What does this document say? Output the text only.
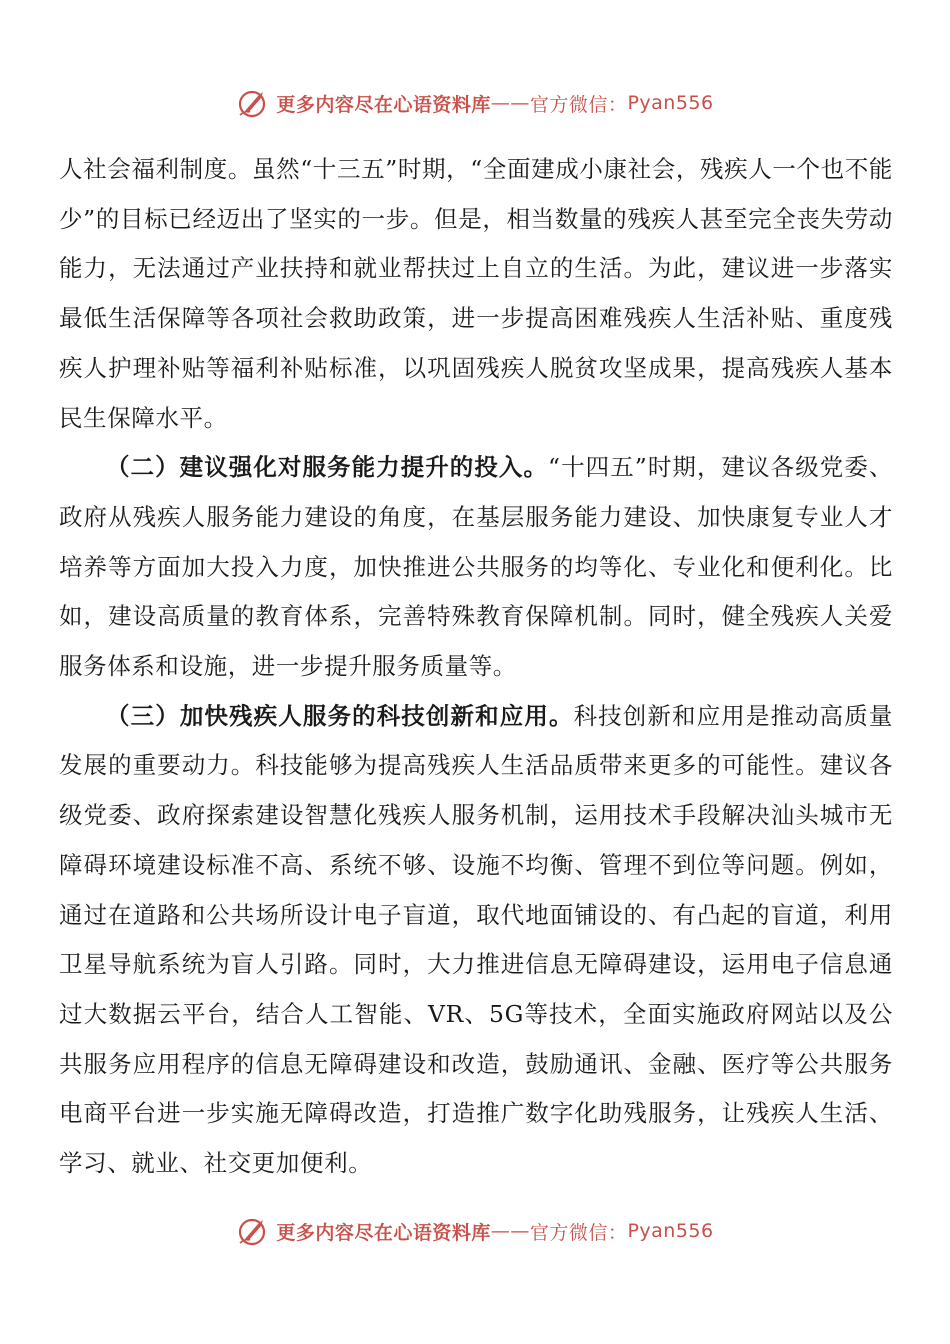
更多内容尽在心语资料库 —— 官方微信： Pyan556

人社会福利制度。虽然“十三五”时期，“全面建成小康社会，残疾人一个也不能少”的目标已经迈出了坚实的一步。但是，相当数量的残疾人甚至完全丧失劳动能力，无法通过产业扶持和就业帮扶过上自立的生活。为此，建议进一步落实最低生活保障等各项社会救助政策，进一步提高困难残疾人生活补贴、重度残疾人护理补贴等福利补贴标准，以巩固残疾人脱贫攻坚成果，提高残疾人基本民生保障水平。

（二）建议强化对服务能力提升的投入。“十四五”时期，建议各级党委、政府从残疾人服务能力建设的角度，在基层服务能力建设、加快康复专业人才培养等方面加大投入力度，加快推进公共服务的均等化、专业化和便利化。比如，建设高质量的教育体系，完善特殊教育保障机制。同时，健全残疾人关爱服务体系和设施，进一步提升服务质量等。

（三）加快残疾人服务的科技创新和应用。科技创新和应用是推动高质量发展的重要动力。科技能够为提高残疾人生活品质带来更多的可能性。建议各级党委、政府探索建设智慧化残疾人服务机制，运用技术手段解决汕头城市无障碍环境建设标准不高、系统不够、设施不均衡、管理不到位等问题。例如，通过在道路和公共场所设计电子盲道，取代地面铺设的、有凸起的盲道，利用卫星导航系统为盲人引路。同时，大力推进信息无障碍建设，运用电子信息通过大数据云平台，结合人工智能、VR、5G等技术，全面实施政府网站以及公共服务应用程序的信息无障碍建设和改造，鼓励通讯、金融、医疗等公共服务电商平台进一步实施无障碍改造，打造推广数字化助残服务，让残疾人生活、学习、就业、社交更加便利。

更多内容尽在心语资料库 —— 官方微信： Pyan556
